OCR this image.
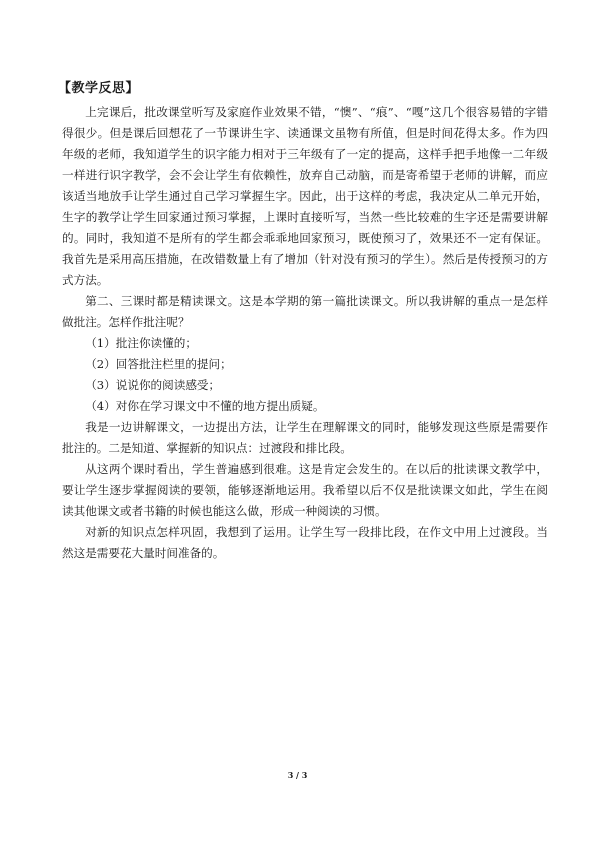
【教学反思】

上完课后，批改课堂听写及家庭作业效果不错，“懊”、“痕”、“嘎”这几个很容易错的字错得很少。但是课后回想花了一节课讲生字、读通课文虽物有所值，但是时间花得太多。作为四年级的老师，我知道学生的识字能力相对于三年级有了一定的提高，这样手把手地像一二年级一样进行识字教学，会不会让学生有依赖性，放弃自己动脑，而是寄希望于老师的讲解，而应该适当地放手让学生通过自己学习掌握生字。因此，出于这样的考虑，我决定从二单元开始，生字的教学让学生回家通过预习掌握，上课时直接听写，当然一些比较难的生字还是需要讲解的。同时，我知道不是所有的学生都会乖乖地回家预习，既使预习了，效果还不一定有保证。我首先是采用高压措施，在改错数量上有了增加（针对没有预习的学生）。然后是传授预习的方式方法。

第二、三课时都是精读课文。这是本学期的第一篇批读课文。所以我讲解的重点一是怎样做批注。怎样作批注呢？

（1）批注你读懂的；

（2）回答批注栏里的提问；

（3）说说你的阅读感受；

（4）对你在学习课文中不懂的地方提出质疑。

我是一边讲解课文，一边提出方法，让学生在理解课文的同时，能够发现这些原是需要作批注的。二是知道、掌握新的知识点：过渡段和排比段。

从这两个课时看出，学生普遍感到很难。这是肯定会发生的。在以后的批读课文教学中，要让学生逐步掌握阅读的要领，能够逐渐地运用。我希望以后不仅是批读课文如此，学生在阅读其他课文或者书籍的时候也能这么做，形成一种阅读的习惯。

对新的知识点怎样巩固，我想到了运用。让学生写一段排比段，在作文中用上过渡段。当然这是需要花大量时间准备的。

3 / 3
